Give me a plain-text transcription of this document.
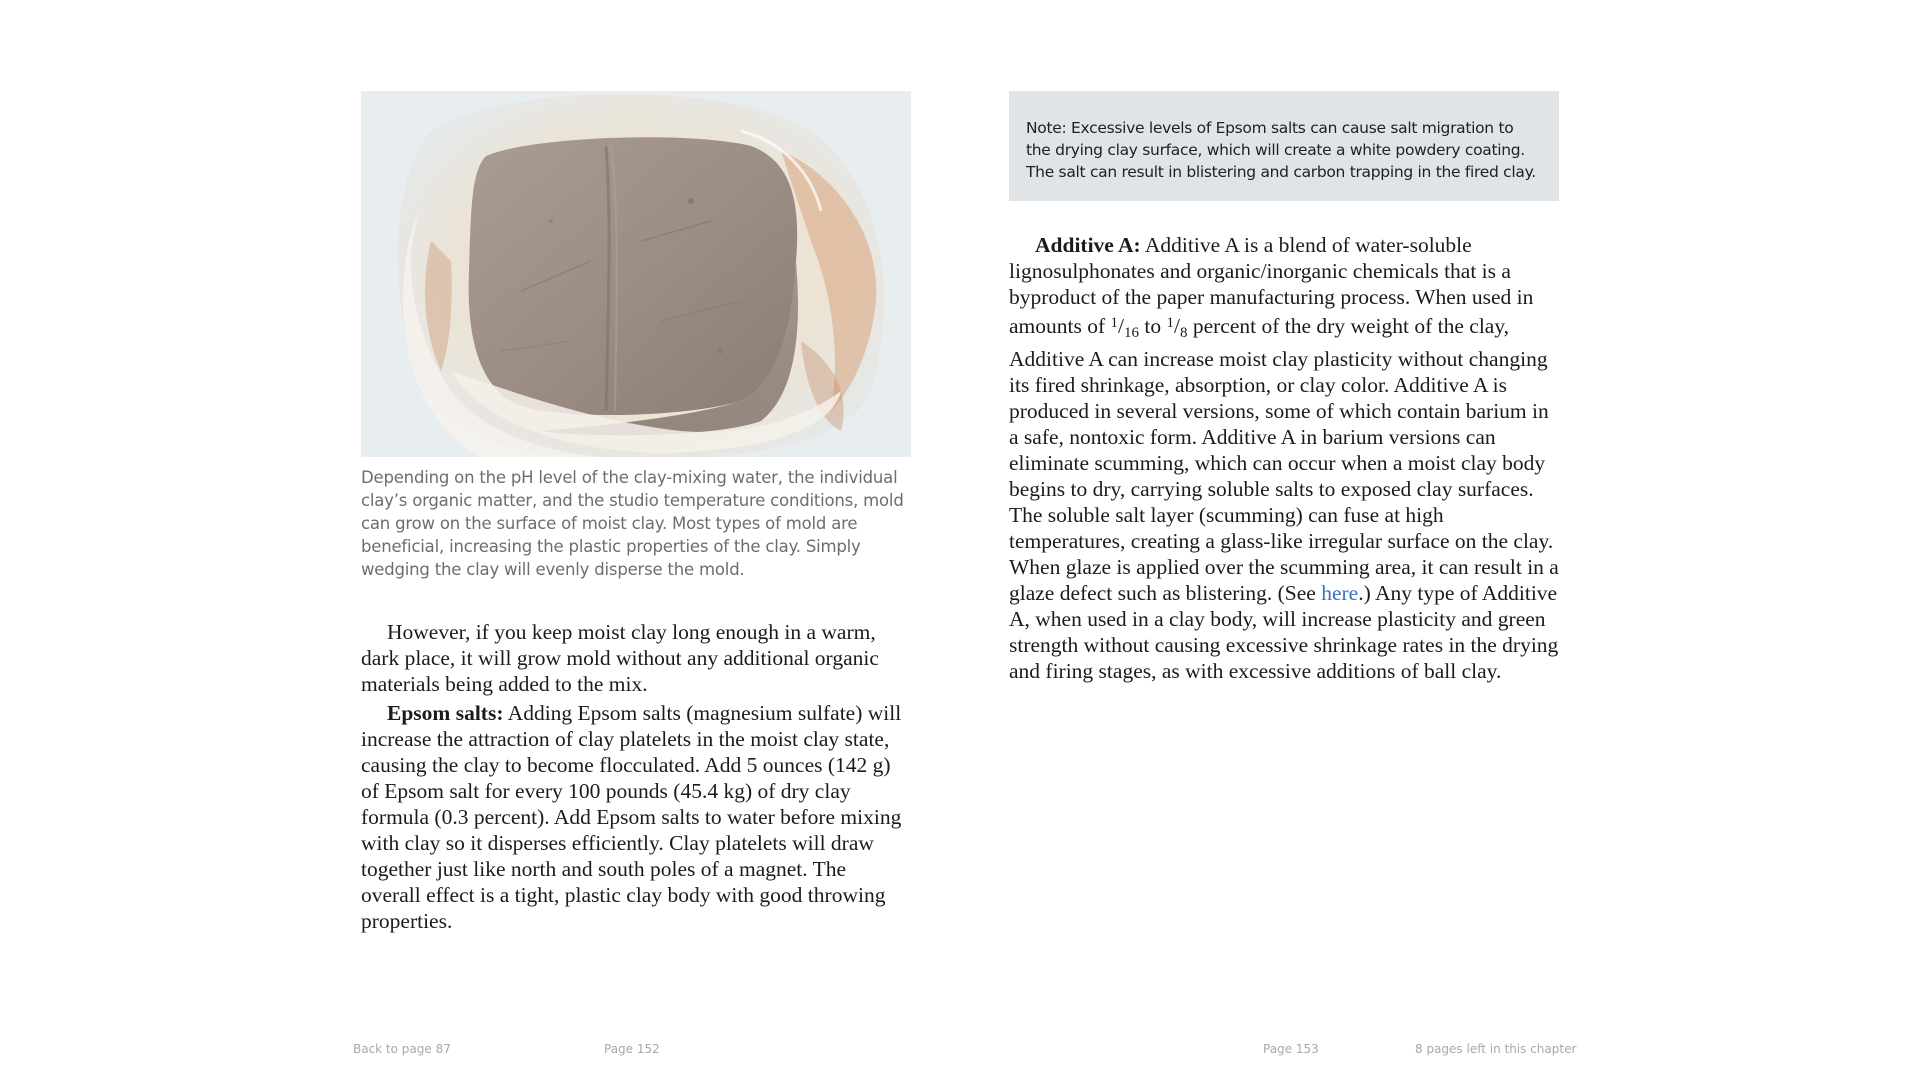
Depending on the pH level of the clay-mixing water, the individual clay’s organic matter, and the studio temperature conditions, mold can grow on the surface of moist clay. Most types of mold are beneficial, increasing the plastic properties of the clay. Simply wedging the clay will evenly disperse the mold.

However, if you keep moist clay long enough in a warm, dark place, it will grow mold without any additional organic materials being added to the mix.

Epsom salts: Adding Epsom salts (magnesium sulfate) will increase the attraction of clay platelets in the moist clay state, causing the clay to become flocculated. Add 5 ounces (142 g) of Epsom salt for every 100 pounds (45.4 kg) of dry clay formula (0.3 percent). Add Epsom salts to water before mixing with clay so it disperses efficiently. Clay platelets will draw together just like north and south poles of a magnet. The overall effect is a tight, plastic clay body with good throwing properties.

Note: Excessive levels of Epsom salts can cause salt migration to the drying clay surface, which will create a white powdery coating. The salt can result in blistering and carbon trapping in the fired clay.

Additive A: Additive A is a blend of water-soluble lignosulphonates and organic/inorganic chemicals that is a byproduct of the paper manufacturing process. When used in amounts of $^1/_{16}$ to $^1/_8$ percent of the dry weight of the clay, Additive A can increase moist clay plasticity without changing its fired shrinkage, absorption, or clay color. Additive A is produced in several versions, some of which contain barium in a safe, nontoxic form. Additive A in barium versions can eliminate scumming, which can occur when a moist clay body begins to dry, carrying soluble salts to exposed clay surfaces. The soluble salt layer (scumming) can fuse at high temperatures, creating a glass-like irregular surface on the clay. When glaze is applied over the scumming area, it can result in a glaze defect such as blistering. (See here.) Any type of Additive A, when used in a clay body, will increase plasticity and green strength without causing excessive shrinkage rates in the drying and firing stages, as with excessive additions of ball clay.

Back to page 87	Page 152	Page 153	8 pages left in this chapter
